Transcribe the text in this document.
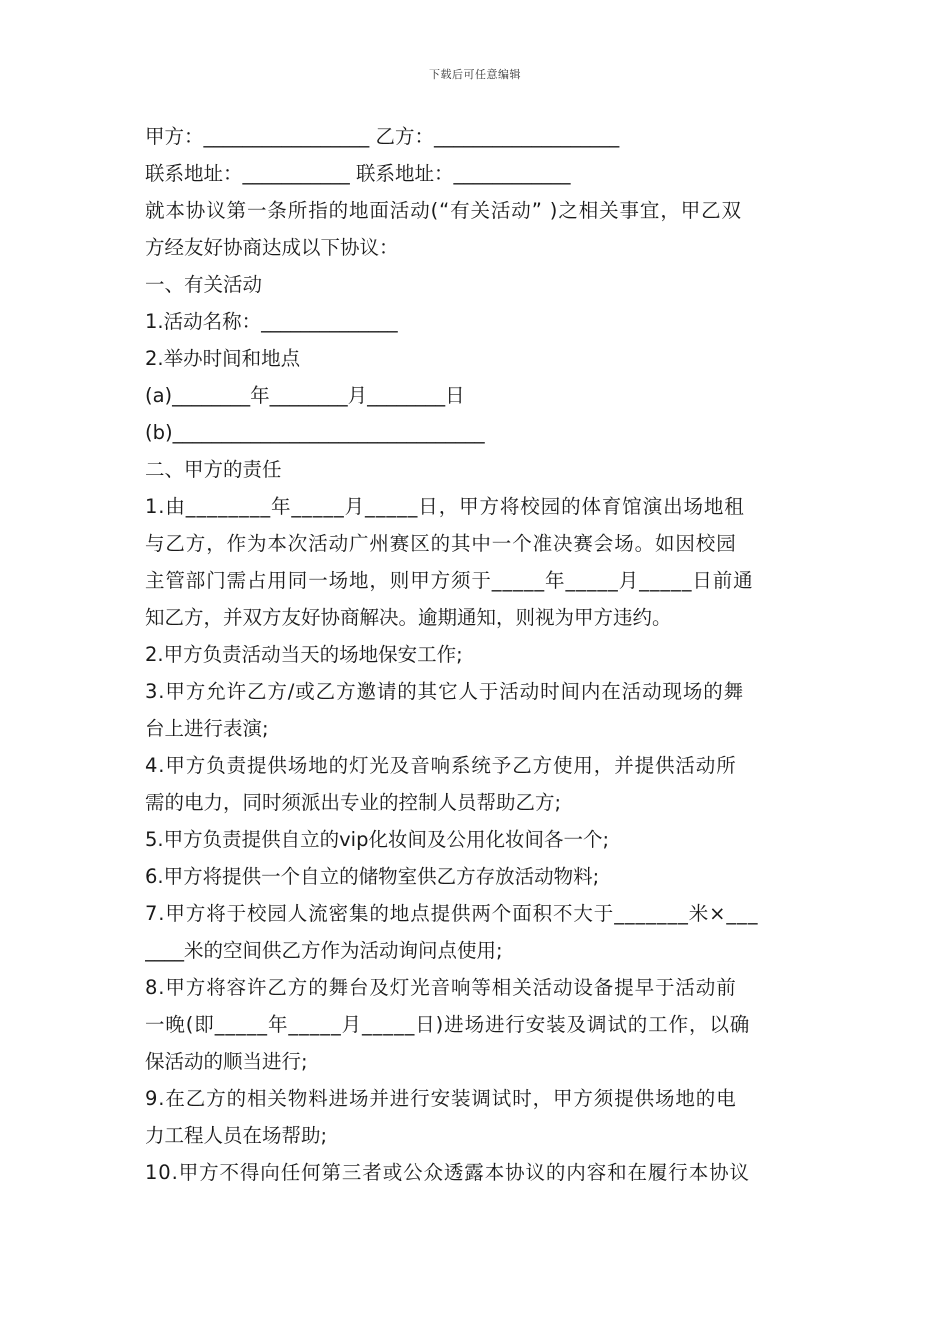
下载后可任意编辑
甲方：_________________ 乙方：___________________
联系地址：___________ 联系地址：____________
就本协议第一条所指的地面活动(“有关活动” )之相关事宜，甲乙双
方经友好协商达成以下协议：
一、有关活动
1.活动名称：______________
2.举办时间和地点
(a)________年________月________日
(b)________________________________
二、甲方的责任
1.由________年_____月_____日，甲方将校园的体育馆演出场地租
与乙方，作为本次活动广州赛区的其中一个准决赛会场。如因校园
主管部门需占用同一场地，则甲方须于_____年_____月_____日前通
知乙方，并双方友好协商解决。逾期通知，则视为甲方违约。
2.甲方负责活动当天的场地保安工作;
3.甲方允许乙方/或乙方邀请的其它人于活动时间内在活动现场的舞
台上进行表演;
4.甲方负责提供场地的灯光及音响系统予乙方使用，并提供活动所
需的电力，同时须派出专业的控制人员帮助乙方;
5.甲方负责提供自立的vip化妆间及公用化妆间各一个;
6.甲方将提供一个自立的储物室供乙方存放活动物料;
7.甲方将于校园人流密集的地点提供两个面积不大于_______米×___
____米的空间供乙方作为活动询问点使用;
8.甲方将容许乙方的舞台及灯光音响等相关活动设备提早于活动前
一晚(即_____年_____月_____日)进场进行安装及调试的工作，以确
保活动的顺当进行;
9.在乙方的相关物料进场并进行安装调试时，甲方须提供场地的电
力工程人员在场帮助;
10.甲方不得向任何第三者或公众透露本协议的内容和在履行本协议
